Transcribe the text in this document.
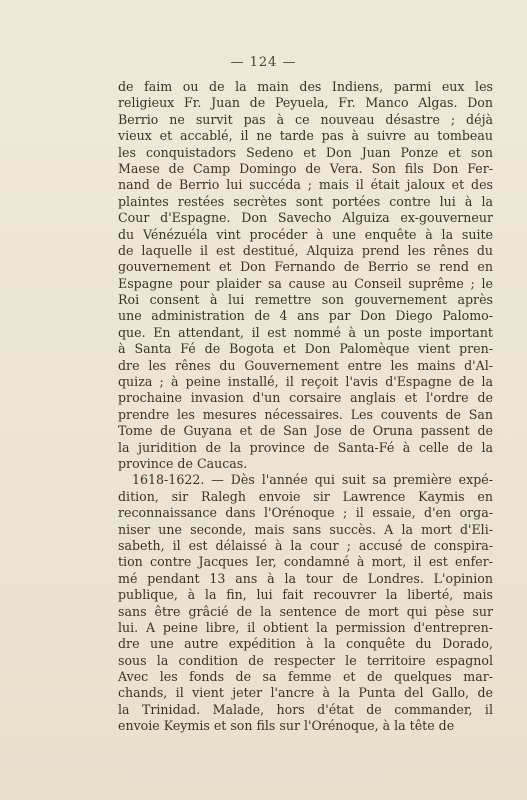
— 124 —
de faim ou de la main des Indiens, parmi eux les
religieux Fr. Juan de Peyuela, Fr. Manco Algas. Don
Berrio ne survit pas à ce nouveau désastre ; déjà
vieux et accablé, il ne tarde pas à suivre au tombeau
les conquistadors Sedeno et Don Juan Ponze et son
Maese de Camp Domingo de Vera. Son fils Don Fer-
nand de Berrio lui succéda ; mais il était jaloux et des
plaintes restées secrètes sont portées contre lui à la
Cour d'Espagne. Don Savecho Alguiza ex-gouverneur
du Vénézuéla vint procéder à une enquête à la suite
de laquelle il est destitué, Alquiza prend les rênes du
gouvernement et Don Fernando de Berrio se rend en
Espagne pour plaider sa cause au Conseil suprême ; le
Roi consent à lui remettre son gouvernement après
une administration de 4 ans par Don Diego Palomo-
que. En attendant, il est nommé à un poste important
à Santa Fé de Bogota et Don Palomèque vient pren-
dre les rênes du Gouvernement entre les mains d'Al-
quiza ; à peine installé, il reçoit l'avis d'Espagne de la
prochaine invasion d'un corsaire anglais et l'ordre de
prendre les mesures nécessaires. Les couvents de San
Tome de Guyana et de San Jose de Oruna passent de
la juridition de la province de Santa-Fé à celle de la
province de Caucas.
1618-1622. — Dès l'année qui suit sa première expé-
dition, sir Ralegh envoie sir Lawrence Kaymis en
reconnaissance dans l'Orénoque ; il essaie, d'en orga-
niser une seconde, mais sans succès. A la mort d'Eli-
sabeth, il est délaissé à la cour ; accusé de conspira-
tion contre Jacques Ier, condamné à mort, il est enfer-
mé pendant 13 ans à la tour de Londres. L'opinion
publique, à la fin, lui fait recouvrer la liberté, mais
sans être grâcié de la sentence de mort qui pèse sur
lui. A peine libre, il obtient la permission d'entrepren-
dre une autre expédition à la conquête du Dorado,
sous la condition de respecter le territoire espagnol
Avec les fonds de sa femme et de quelques mar-
chands, il vient jeter l'ancre à la Punta del Gallo, de
la Trinidad. Malade, hors d'état de commander, il
envoie Keymis et son fils sur l'Orénoque, à la tête de
